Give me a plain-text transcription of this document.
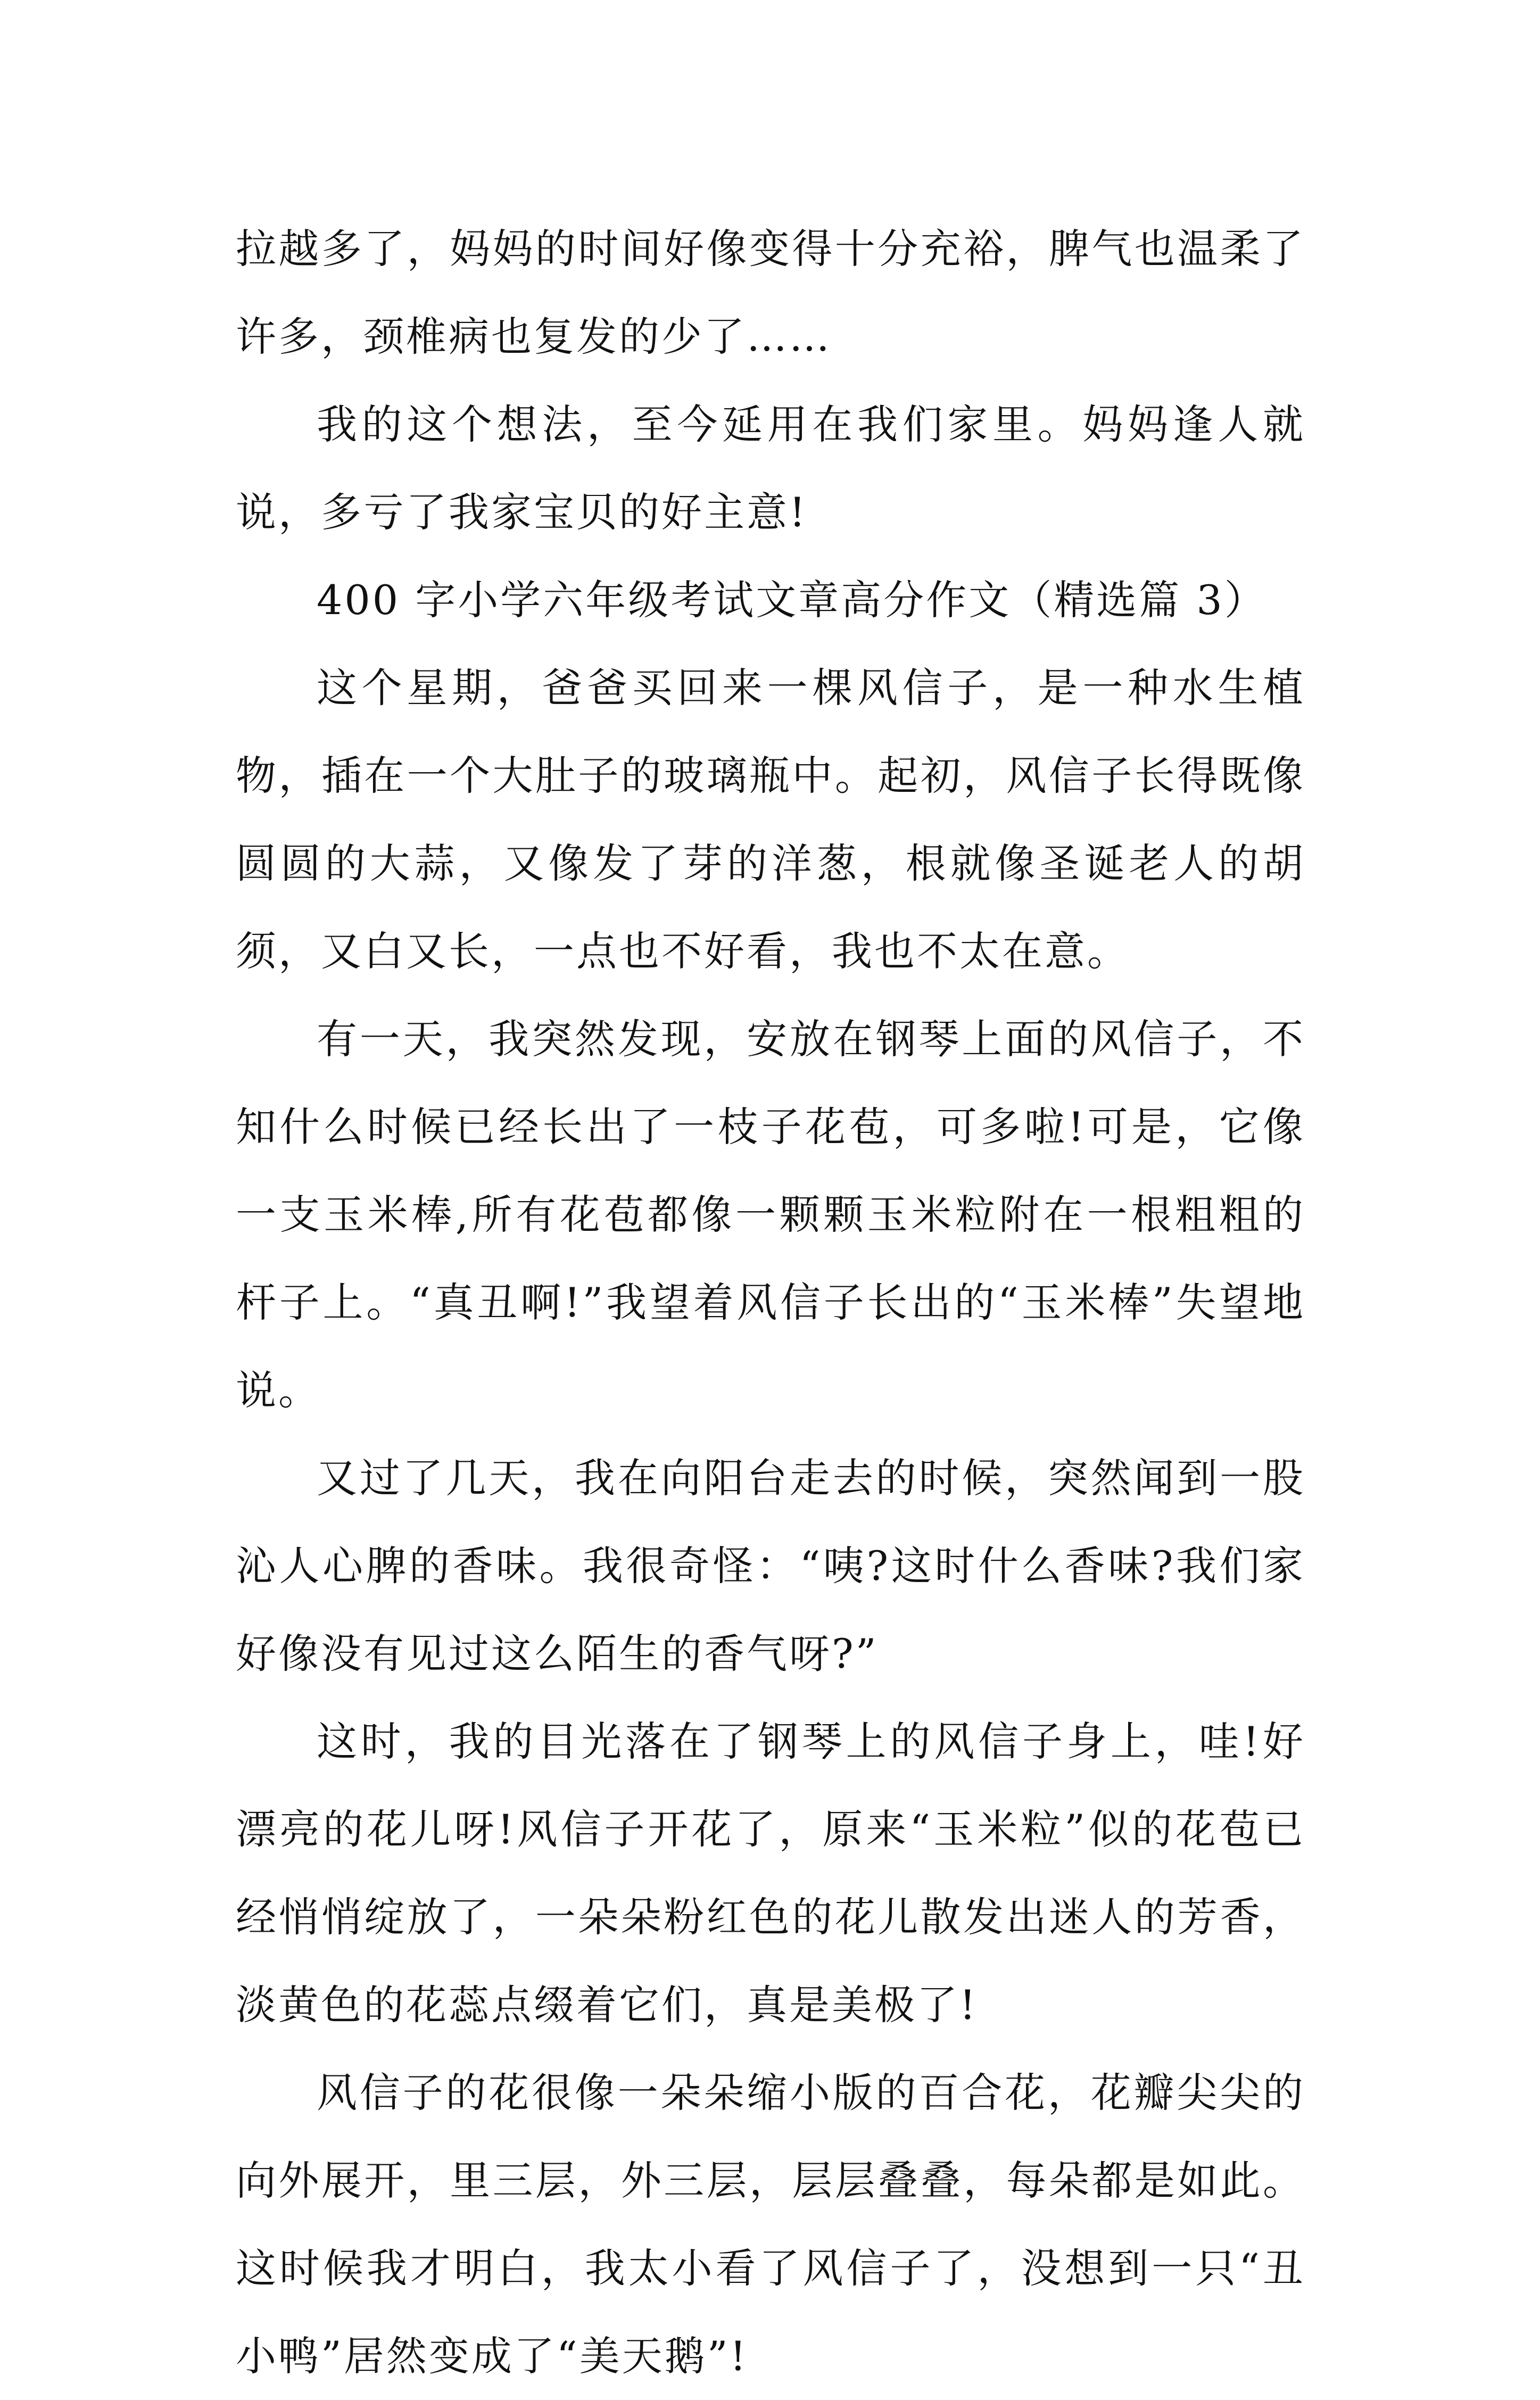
拉越多了，妈妈的时间好像变得十分充裕，脾气也温柔了许多，颈椎病也复发的少了……

我的这个想法，至今延用在我们家里。妈妈逢人就说，多亏了我家宝贝的好主意!

400 字小学六年级考试文章高分作文（精选篇 3）

这个星期，爸爸买回来一棵风信子，是一种水生植物，插在一个大肚子的玻璃瓶中。起初，风信子长得既像圆圆的大蒜，又像发了芽的洋葱，根就像圣诞老人的胡须，又白又长，一点也不好看，我也不太在意。

有一天，我突然发现，安放在钢琴上面的风信子，不知什么时候已经长出了一枝子花苞，可多啦!可是，它像一支玉米棒,所有花苞都像一颗颗玉米粒附在一根粗粗的杆子上。“真丑啊!”我望着风信子长出的“玉米棒”失望地说。

又过了几天，我在向阳台走去的时候，突然闻到一股沁人心脾的香味。我很奇怪：“咦?这时什么香味?我们家好像没有见过这么陌生的香气呀?”

这时，我的目光落在了钢琴上的风信子身上，哇!好漂亮的花儿呀!风信子开花了，原来“玉米粒”似的花苞已经悄悄绽放了，一朵朵粉红色的花儿散发出迷人的芳香，淡黄色的花蕊点缀着它们，真是美极了!

风信子的花很像一朵朵缩小版的百合花，花瓣尖尖的向外展开，里三层，外三层，层层叠叠，每朵都是如此。这时候我才明白，我太小看了风信子了，没想到一只“丑小鸭”居然变成了“美天鹅”!
